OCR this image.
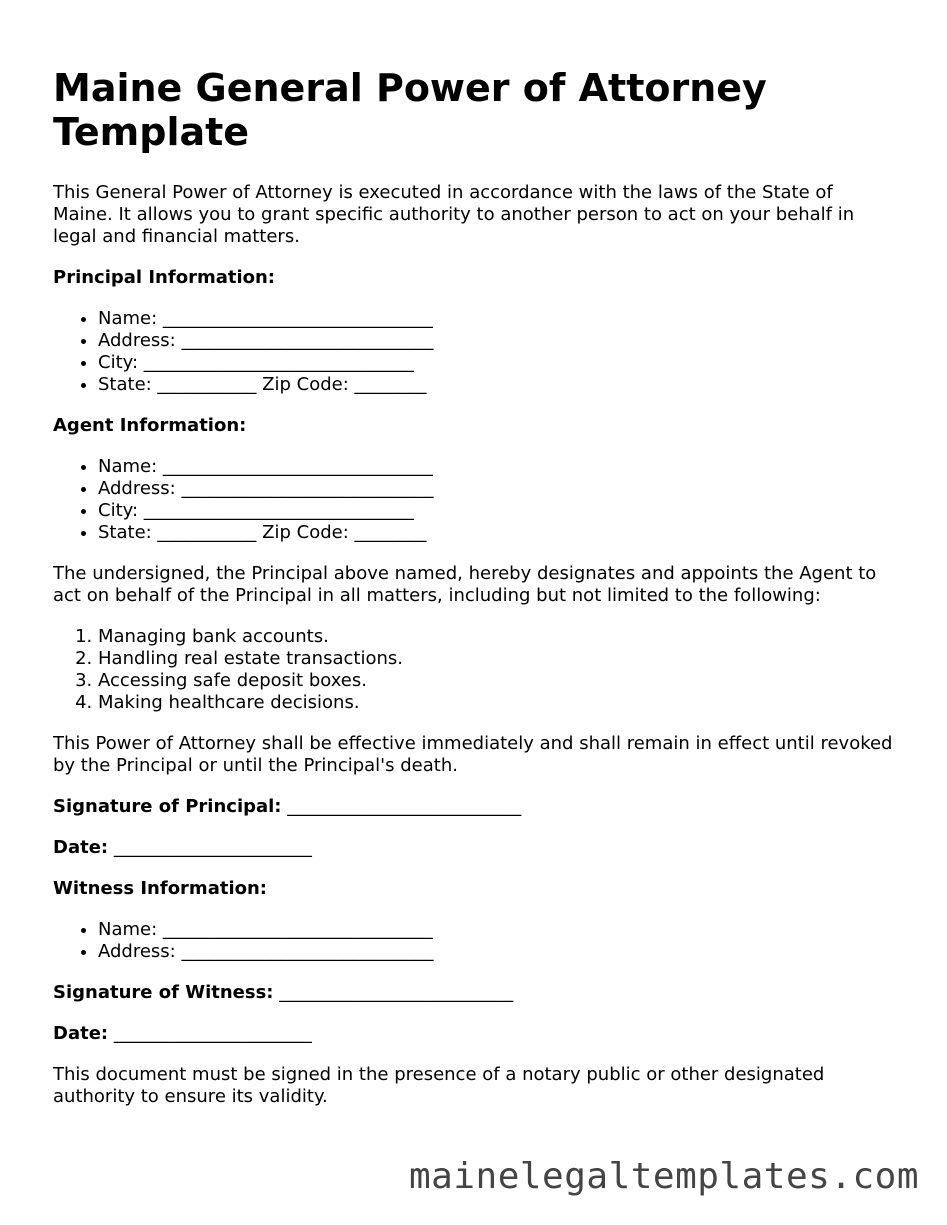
Maine General Power of Attorney Template

This General Power of Attorney is executed in accordance with the laws of the State of Maine. It allows you to grant specific authority to another person to act on your behalf in legal and financial matters.

Principal Information:

• Name: ______________________________
• Address: ____________________________
• City: ______________________________
• State: ___________ Zip Code: ________

Agent Information:

• Name: ______________________________
• Address: ____________________________
• City: ______________________________
• State: ___________ Zip Code: ________

The undersigned, the Principal above named, hereby designates and appoints the Agent to act on behalf of the Principal in all matters, including but not limited to the following:

1. Managing bank accounts.
2. Handling real estate transactions.
3. Accessing safe deposit boxes.
4. Making healthcare decisions.

This Power of Attorney shall be effective immediately and shall remain in effect until revoked by the Principal or until the Principal's death.

Signature of Principal: __________________________

Date: ______________________

Witness Information:

• Name: ______________________________
• Address: ____________________________

Signature of Witness: __________________________

Date: ______________________

This document must be signed in the presence of a notary public or other designated authority to ensure its validity.

mainelegaltemplates.com
